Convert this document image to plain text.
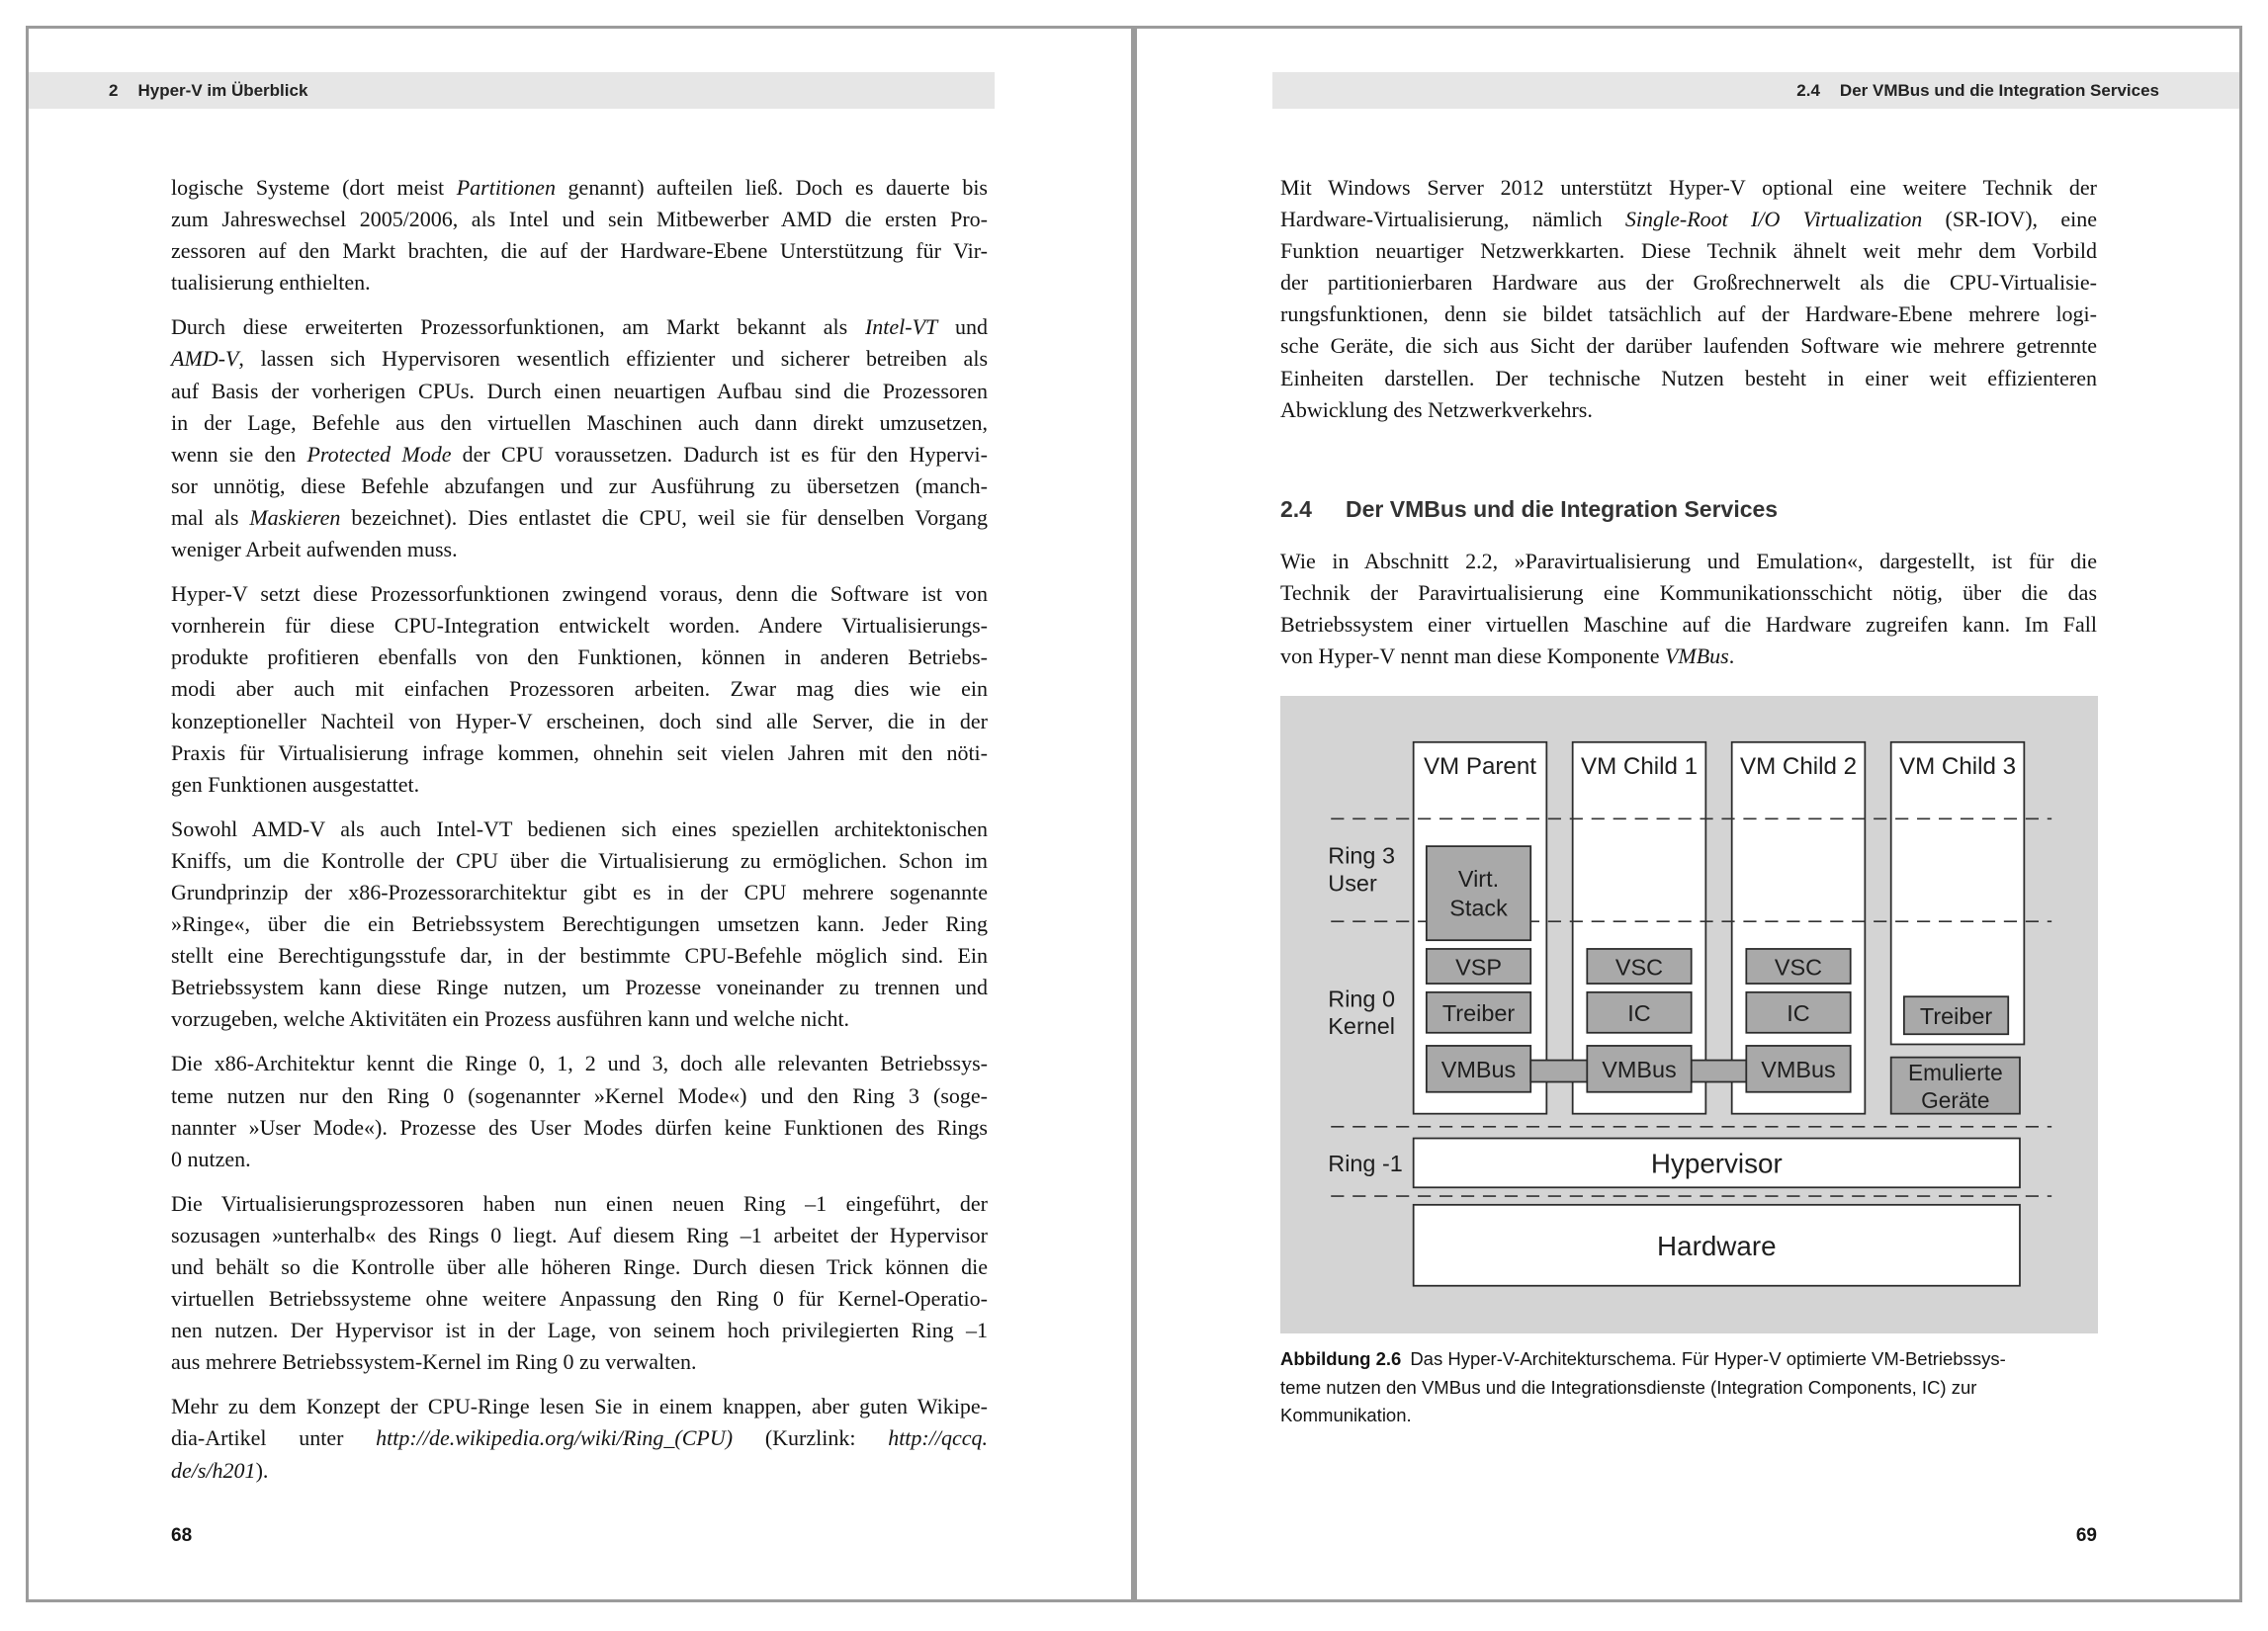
2 Hyper-V im Überblick	2.4 Der VMBus und die Integration Services
logische Systeme (dort meist Partitionen genannt) aufteilen ließ. Doch es dauerte bis
zum Jahreswechsel 2005/2006, als Intel und sein Mitbewerber AMD die ersten Pro-
zessoren auf den Markt brachten, die auf der Hardware-Ebene Unterstützung für Vir-
tualisierung enthielten.
Durch diese erweiterten Prozessorfunktionen, am Markt bekannt als Intel-VT und
AMD-V, lassen sich Hypervisoren wesentlich effizienter und sicherer betreiben als
auf Basis der vorherigen CPUs. Durch einen neuartigen Aufbau sind die Prozessoren
in der Lage, Befehle aus den virtuellen Maschinen auch dann direkt umzusetzen,
wenn sie den Protected Mode der CPU voraussetzen. Dadurch ist es für den Hypervi-
sor unnötig, diese Befehle abzufangen und zur Ausführung zu übersetzen (manch-
mal als Maskieren bezeichnet). Dies entlastet die CPU, weil sie für denselben Vorgang
weniger Arbeit aufwenden muss.
Hyper-V setzt diese Prozessorfunktionen zwingend voraus, denn die Software ist von
vornherein für diese CPU-Integration entwickelt worden. Andere Virtualisierungs-
produkte profitieren ebenfalls von den Funktionen, können in anderen Betriebs-
modi aber auch mit einfachen Prozessoren arbeiten. Zwar mag dies wie ein
konzeptioneller Nachteil von Hyper-V erscheinen, doch sind alle Server, die in der
Praxis für Virtualisierung infrage kommen, ohnehin seit vielen Jahren mit den nöti-
gen Funktionen ausgestattet.
Sowohl AMD-V als auch Intel-VT bedienen sich eines speziellen architektonischen
Kniffs, um die Kontrolle der CPU über die Virtualisierung zu ermöglichen. Schon im
Grundprinzip der x86-Prozessorarchitektur gibt es in der CPU mehrere sogenannte
»Ringe«, über die ein Betriebssystem Berechtigungen umsetzen kann. Jeder Ring
stellt eine Berechtigungsstufe dar, in der bestimmte CPU-Befehle möglich sind. Ein
Betriebssystem kann diese Ringe nutzen, um Prozesse voneinander zu trennen und
vorzugeben, welche Aktivitäten ein Prozess ausführen kann und welche nicht.
Die x86-Architektur kennt die Ringe 0, 1, 2 und 3, doch alle relevanten Betriebssys-
teme nutzen nur den Ring 0 (sogenannter »Kernel Mode«) und den Ring 3 (soge-
nannter »User Mode«). Prozesse des User Modes dürfen keine Funktionen des Rings
0 nutzen.
Die Virtualisierungsprozessoren haben nun einen neuen Ring –1 eingeführt, der
sozusagen »unterhalb« des Rings 0 liegt. Auf diesem Ring –1 arbeitet der Hypervisor
und behält so die Kontrolle über alle höheren Ringe. Durch diesen Trick können die
virtuellen Betriebssysteme ohne weitere Anpassung den Ring 0 für Kernel-Operatio-
nen nutzen. Der Hypervisor ist in der Lage, von seinem hoch privilegierten Ring –1
aus mehrere Betriebssystem-Kernel im Ring 0 zu verwalten.
Mehr zu dem Konzept der CPU-Ringe lesen Sie in einem knappen, aber guten Wikipe-
dia-Artikel unter http://de.wikipedia.org/wiki/Ring_(CPU) (Kurzlink: http://qccq.
de/s/h201).
Mit Windows Server 2012 unterstützt Hyper-V optional eine weitere Technik der
Hardware-Virtualisierung, nämlich Single-Root I/O Virtualization (SR-IOV), eine
Funktion neuartiger Netzwerkkarten. Diese Technik ähnelt weit mehr dem Vorbild
der partitionierbaren Hardware aus der Großrechnerwelt als die CPU-Virtualisie-
rungsfunktionen, denn sie bildet tatsächlich auf der Hardware-Ebene mehrere logi-
sche Geräte, die sich aus Sicht der darüber laufenden Software wie mehrere getrennte
Einheiten darstellen. Der technische Nutzen besteht in einer weit effizienteren
Abwicklung des Netzwerkverkehrs.
2.4 Der VMBus und die Integration Services
Wie in Abschnitt 2.2, »Paravirtualisierung und Emulation«, dargestellt, ist für die
Technik der Paravirtualisierung eine Kommunikationsschicht nötig, über die das
Betriebssystem einer virtuellen Maschine auf die Hardware zugreifen kann. Im Fall
von Hyper-V nennt man diese Komponente VMBus.
VM Parent	VM Child 1	VM Child 2	VM Child 3
Ring 3
User
Ring 0
Kernel
Ring -1
Virt.
Stack
VSP
Treiber
VMBus
VSC
IC
VMBus
VSC
IC
VMBus
Treiber
Emulierte
Geräte
Hypervisor
Hardware
Abbildung 2.6 Das Hyper-V-Architekturschema. Für Hyper-V optimierte VM-Betriebssys-
teme nutzen den VMBus und die Integrationsdienste (Integration Components, IC) zur
Kommunikation.
68	69
